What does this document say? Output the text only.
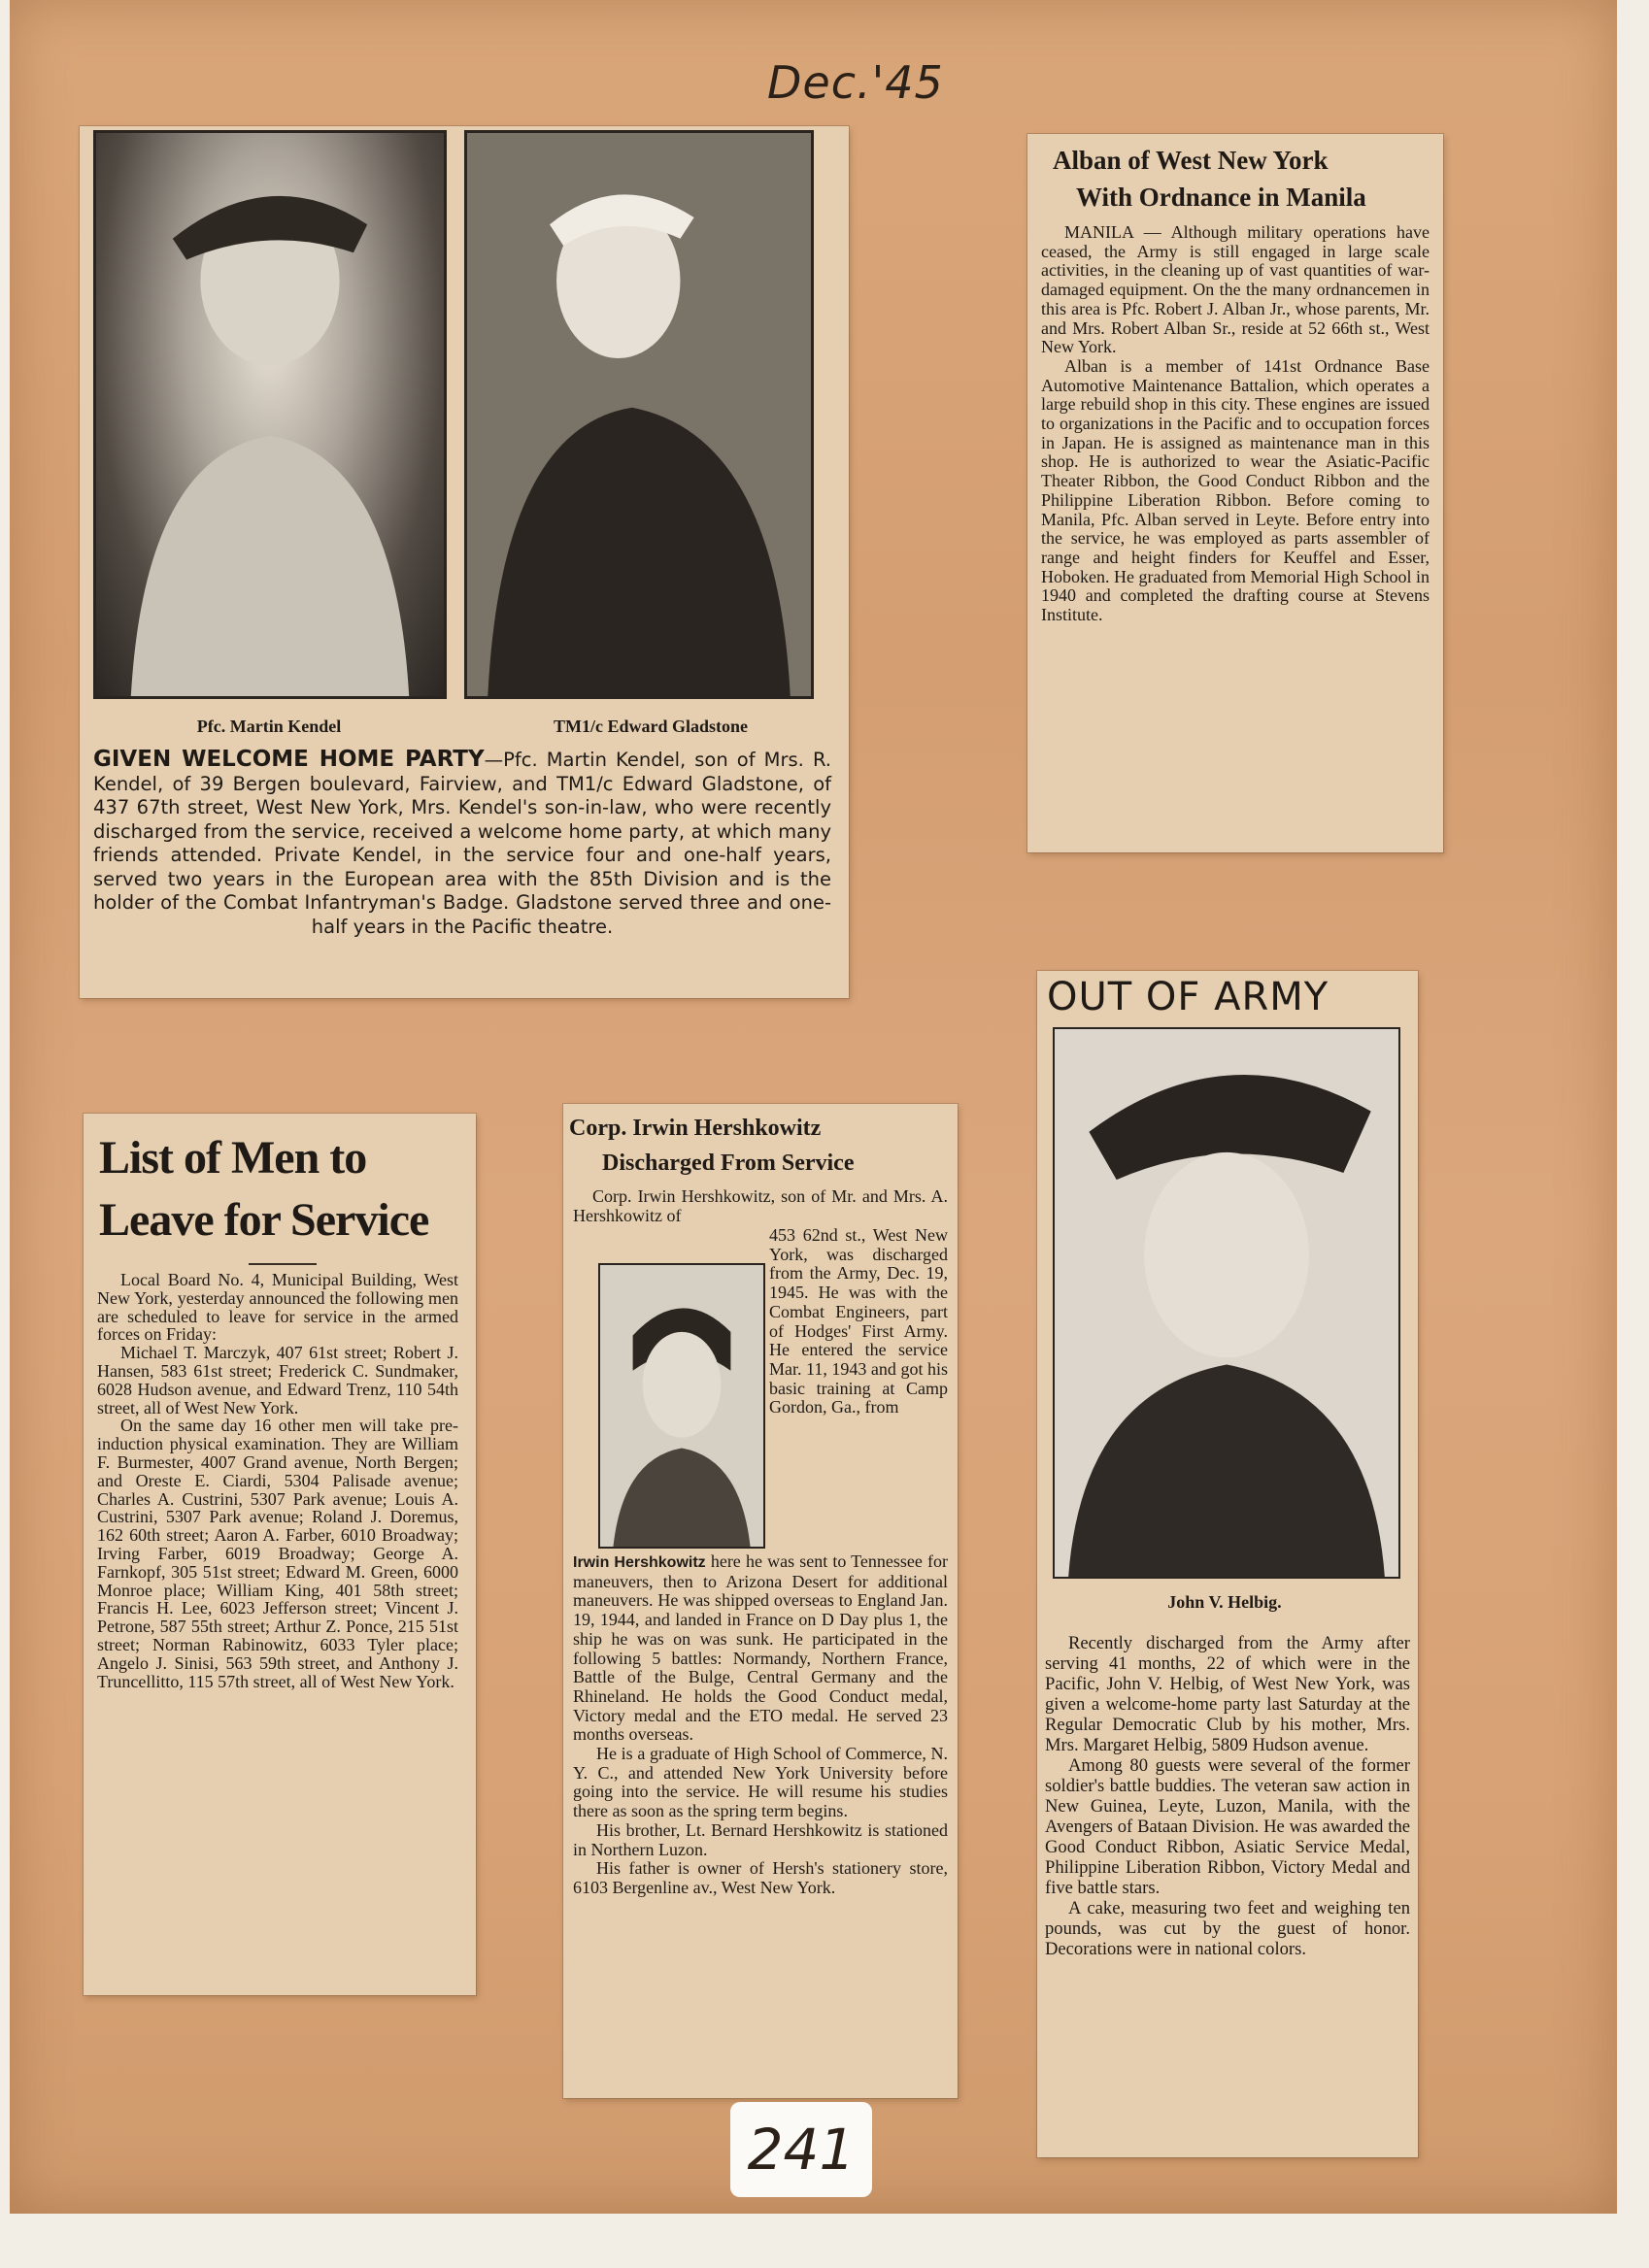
Dec.'45
Pfc. Martin Kendel	TM1/c Edward Gladstone
GIVEN WELCOME HOME PARTY—Pfc. Martin Kendel, son of Mrs. R. Kendel, of 39 Bergen boulevard, Fairview, and TM1/c Edward Gladstone, of 437 67th street, West New York, Mrs. Kendel's son-in-law, who were recently discharged from the service, received a welcome home party, at which many friends attended. Private Kendel, in the service four and one-half years, served two years in the European area with the 85th Division and is the holder of the Combat Infantryman's Badge. Gladstone served three and one-half years in the Pacific theatre.
Alban of West New York
With Ordnance in Manila

MANILA — Although military operations have ceased, the Army is still engaged in large scale activities, in the cleaning up of vast quantities of war-damaged equipment. On the the many ordnancemen in this area is Pfc. Robert J. Alban Jr., whose parents, Mr. and Mrs. Robert Alban Sr., reside at 52 66th st., West New York.

Alban is a member of 141st Ordnance Base Automotive Maintenance Battalion, which operates a large rebuild shop in this city. These engines are issued to organizations in the Pacific and to occupation forces in Japan. He is assigned as maintenance man in this shop. He is authorized to wear the Asiatic-Pacific Theater Ribbon, the Good Conduct Ribbon and the Philippine Liberation Ribbon. Before coming to Manila, Pfc. Alban served in Leyte. Before entry into the service, he was employed as parts assembler of range and height finders for Keuffel and Esser, Hoboken. He graduated from Memorial High School in 1940 and completed the drafting course at Stevens Institute.

List of Men to
Leave for Service

Local Board No. 4, Municipal Building, West New York, yesterday announced the following men are scheduled to leave for service in the armed forces on Friday:

Michael T. Marczyk, 407 61st street; Robert J. Hansen, 583 61st street; Frederick C. Sundmaker, 6028 Hudson avenue, and Edward Trenz, 110 54th street, all of West New York.

On the same day 16 other men will take pre-induction physical examination. They are William F. Burmester, 4007 Grand avenue, North Bergen; and Oreste E. Ciardi, 5304 Palisade avenue; Charles A. Custrini, 5307 Park avenue; Louis A. Custrini, 5307 Park avenue; Roland J. Doremus, 162 60th street; Aaron A. Farber, 6010 Broadway; Irving Farber, 6019 Broadway; George A. Farnkopf, 305 51st street; Edward M. Green, 6000 Monroe place; William King, 401 58th street; Francis H. Lee, 6023 Jefferson street; Vincent J. Petrone, 587 55th street; Arthur Z. Ponce, 215 51st street; Norman Rabinowitz, 6033 Tyler place; Angelo J. Sinisi, 563 59th street, and Anthony J. Truncellitto, 115 57th street, all of West New York.

Corp. Irwin Hershkowitz
Discharged From Service
Corp. Irwin Hershkowitz, son of Mr. and Mrs. A. Hershkowitz of
453 62nd st., West New York, was discharged from the Army, Dec. 19, 1945. He was with the Combat Engineers, part of Hodges' First Army. He entered the service Mar. 11, 1943 and got his basic training at Camp Gordon, Ga., from

Irwin Hershkowitz here he was sent to Tennessee for maneuvers, then to Arizona Desert for additional maneuvers. He was shipped overseas to England Jan. 19, 1944, and landed in France on D Day plus 1, the ship he was on was sunk. He participated in the following 5 battles: Normandy, Northern France, Battle of the Bulge, Central Germany and the Rhineland. He holds the Good Conduct medal, Victory medal and the ETO medal. He served 23 months overseas.

He is a graduate of High School of Commerce, N. Y. C., and attended New York University before going into the service. He will resume his studies there as soon as the spring term begins.

His brother, Lt. Bernard Hershkowitz is stationed in Northern Luzon.

His father is owner of Hersh's stationery store, 6103 Bergenline av., West New York.

OUT OF ARMY
John V. Helbig.

Recently discharged from the Army after serving 41 months, 22 of which were in the Pacific, John V. Helbig, of West New York, was given a welcome-home party last Saturday at the Regular Democratic Club by his mother, Mrs. Mrs. Margaret Helbig, 5809 Hudson avenue.

Among 80 guests were several of the former soldier's battle buddies. The veteran saw action in New Guinea, Leyte, Luzon, Manila, with the Avengers of Bataan Division. He was awarded the Good Conduct Ribbon, Asiatic Service Medal, Philippine Liberation Ribbon, Victory Medal and five battle stars.

A cake, measuring two feet and weighing ten pounds, was cut by the guest of honor. Decorations were in national colors.

241
